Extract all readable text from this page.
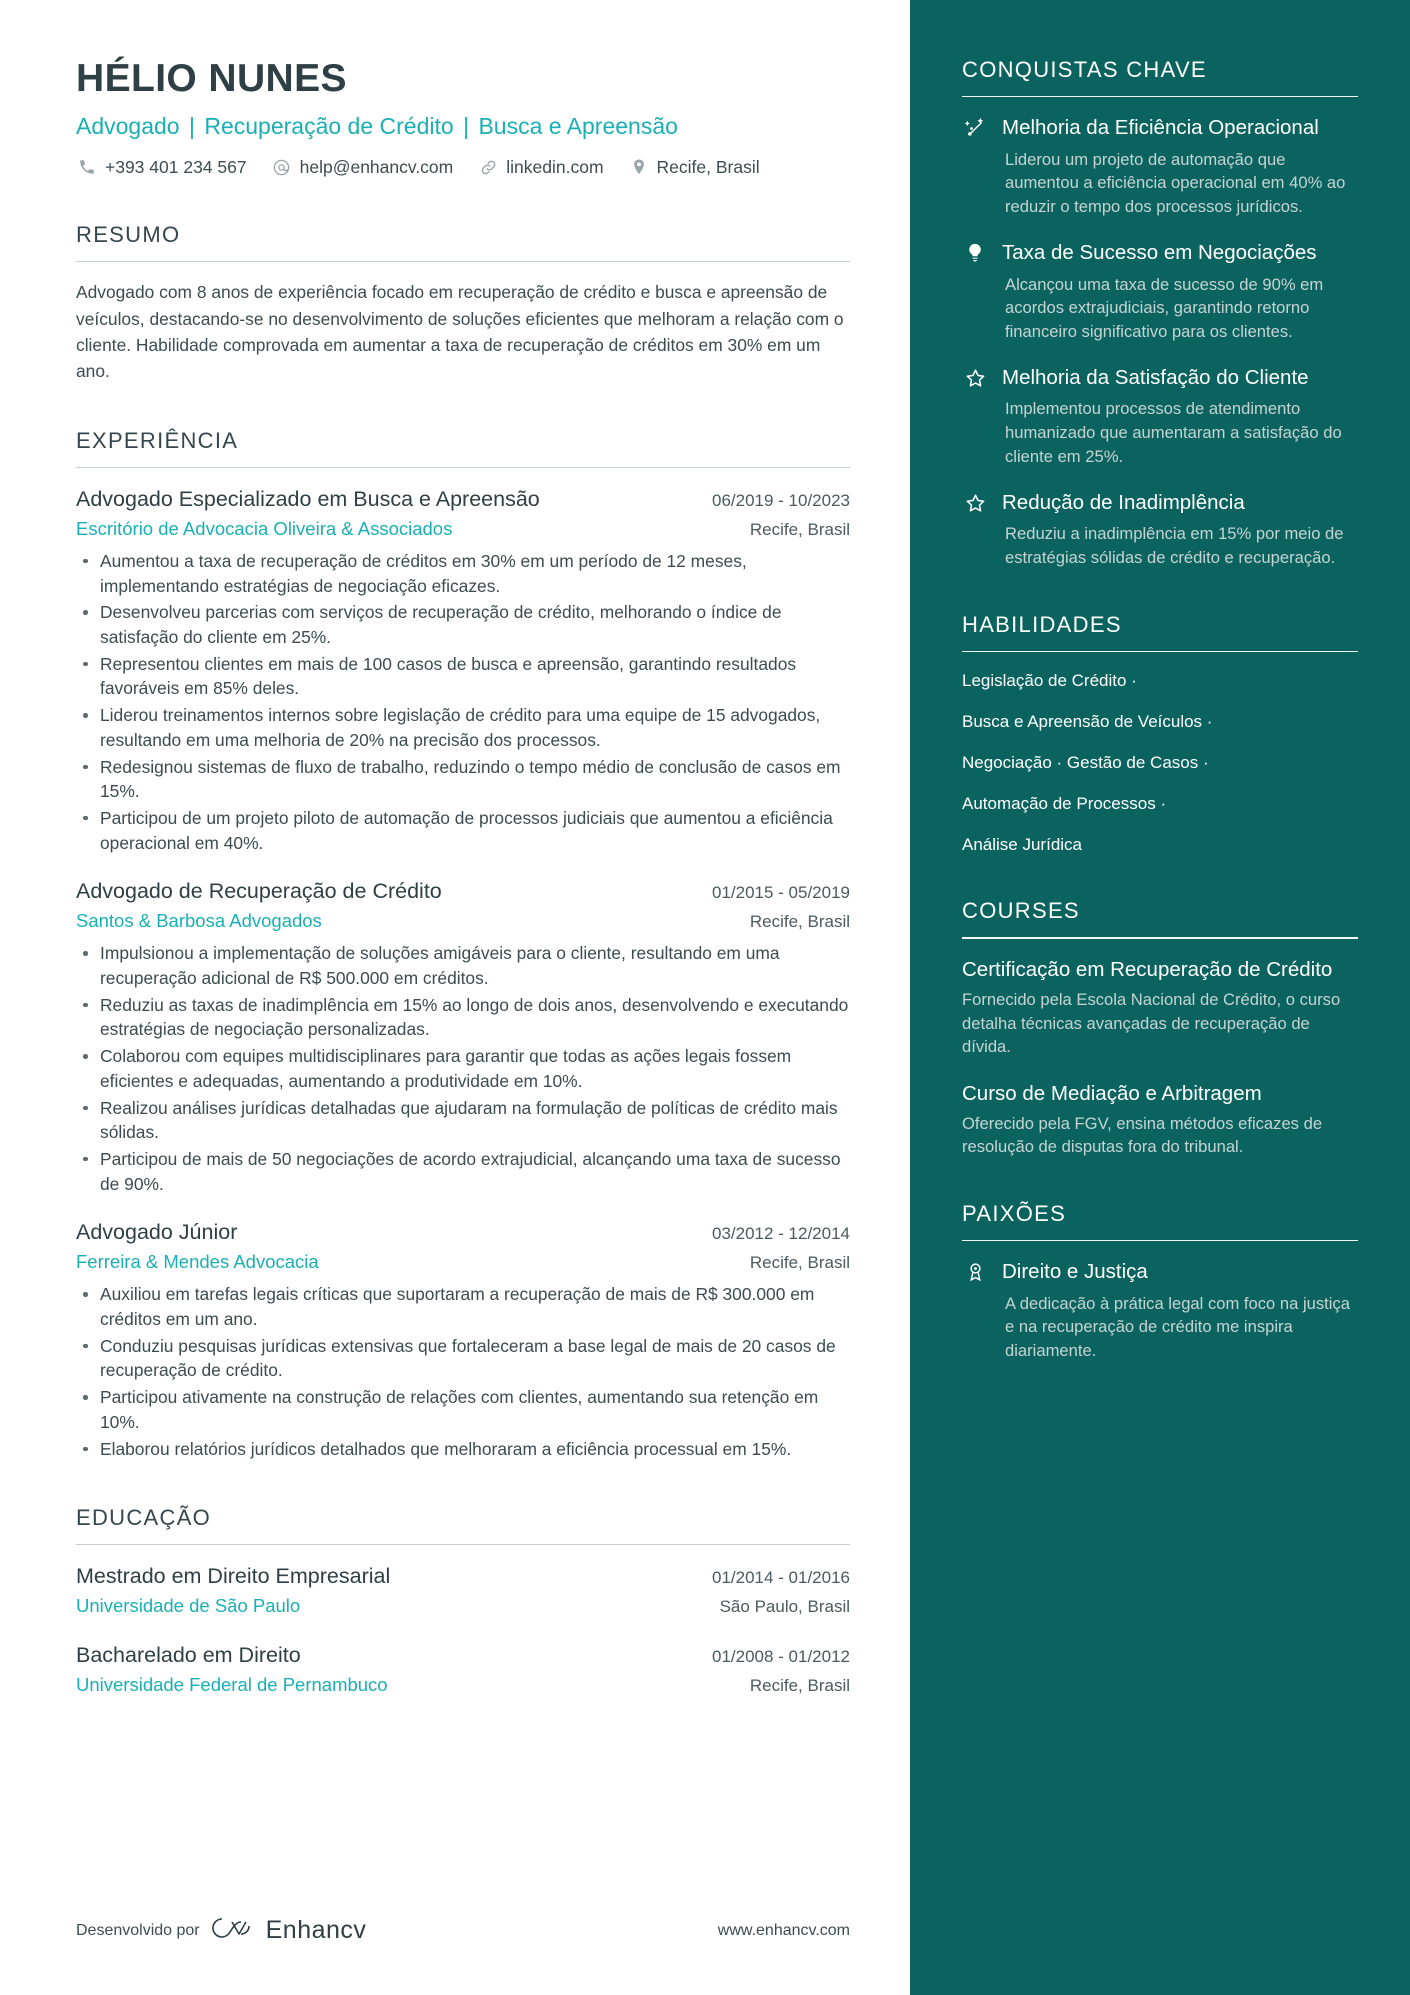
HÉLIO NUNES
Advogado | Recuperação de Crédito | Busca e Apreensão
+393 401 234 567	help@enhancv.com	linkedin.com	Recife, Brasil
RESUMO
Advogado com 8 anos de experiência focado em recuperação de crédito e busca e apreensão de veículos, destacando-se no desenvolvimento de soluções eficientes que melhoram a relação com o cliente. Habilidade comprovada em aumentar a taxa de recuperação de créditos em 30% em um ano.
EXPERIÊNCIA
Advogado Especializado em Busca e Apreensão	06/2019 - 10/2023
Escritório de Advocacia Oliveira & Associados	Recife, Brasil
Aumentou a taxa de recuperação de créditos em 30% em um período de 12 meses, implementando estratégias de negociação eficazes.
Desenvolveu parcerias com serviços de recuperação de crédito, melhorando o índice de satisfação do cliente em 25%.
Representou clientes em mais de 100 casos de busca e apreensão, garantindo resultados favoráveis em 85% deles.
Liderou treinamentos internos sobre legislação de crédito para uma equipe de 15 advogados, resultando em uma melhoria de 20% na precisão dos processos.
Redesignou sistemas de fluxo de trabalho, reduzindo o tempo médio de conclusão de casos em 15%.
Participou de um projeto piloto de automação de processos judiciais que aumentou a eficiência operacional em 40%.
Advogado de Recuperação de Crédito	01/2015 - 05/2019
Santos & Barbosa Advogados	Recife, Brasil
Impulsionou a implementação de soluções amigáveis para o cliente, resultando em uma recuperação adicional de R$ 500.000 em créditos.
Reduziu as taxas de inadimplência em 15% ao longo de dois anos, desenvolvendo e executando estratégias de negociação personalizadas.
Colaborou com equipes multidisciplinares para garantir que todas as ações legais fossem eficientes e adequadas, aumentando a produtividade em 10%.
Realizou análises jurídicas detalhadas que ajudaram na formulação de políticas de crédito mais sólidas.
Participou de mais de 50 negociações de acordo extrajudicial, alcançando uma taxa de sucesso de 90%.
Advogado Júnior	03/2012 - 12/2014
Ferreira & Mendes Advocacia	Recife, Brasil
Auxiliou em tarefas legais críticas que suportaram a recuperação de mais de R$ 300.000 em créditos em um ano.
Conduziu pesquisas jurídicas extensivas que fortaleceram a base legal de mais de 20 casos de recuperação de crédito.
Participou ativamente na construção de relações com clientes, aumentando sua retenção em 10%.
Elaborou relatórios jurídicos detalhados que melhoraram a eficiência processual em 15%.
EDUCAÇÃO
Mestrado em Direito Empresarial	01/2014 - 01/2016
Universidade de São Paulo	São Paulo, Brasil
Bacharelado em Direito	01/2008 - 01/2012
Universidade Federal de Pernambuco	Recife, Brasil
Desenvolvido por	Enhancv	www.enhancv.com
CONQUISTAS CHAVE
Melhoria da Eficiência Operacional
Liderou um projeto de automação que aumentou a eficiência operacional em 40% ao reduzir o tempo dos processos jurídicos.
Taxa de Sucesso em Negociações
Alcançou uma taxa de sucesso de 90% em acordos extrajudiciais, garantindo retorno financeiro significativo para os clientes.
Melhoria da Satisfação do Cliente
Implementou processos de atendimento humanizado que aumentaram a satisfação do cliente em 25%.
Redução de Inadimplência
Reduziu a inadimplência em 15% por meio de estratégias sólidas de crédito e recuperação.
HABILIDADES
Legislação de Crédito ·
Busca e Apreensão de Veículos ·
Negociação · Gestão de Casos ·
Automação de Processos ·
Análise Jurídica
COURSES
Certificação em Recuperação de Crédito
Fornecido pela Escola Nacional de Crédito, o curso detalha técnicas avançadas de recuperação de dívida.
Curso de Mediação e Arbitragem
Oferecido pela FGV, ensina métodos eficazes de resolução de disputas fora do tribunal.
PAIXÕES
Direito e Justiça
A dedicação à prática legal com foco na justiça e na recuperação de crédito me inspira diariamente.
